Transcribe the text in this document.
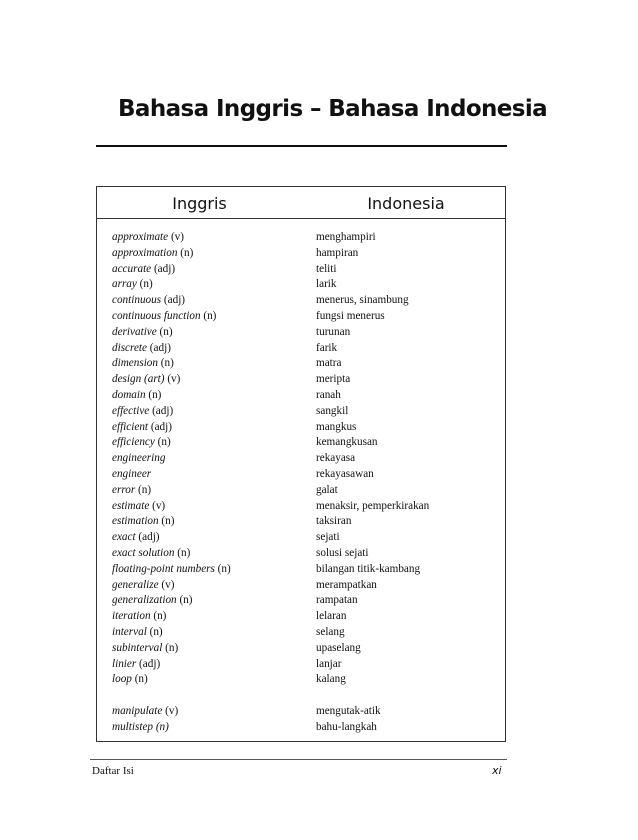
Bahasa Inggris – Bahasa Indonesia
Inggris	Indonesia
approximate (v)
approximation (n)
accurate (adj)
array (n)
continuous (adj)
continuous function (n)
derivative (n)
discrete (adj)
dimension (n)
design (art) (v)
domain (n)
effective (adj)
efficient (adj)
efficiency (n)
engineering
engineer
error (n)
estimate (v)
estimation (n)
exact (adj)
exact solution (n)
floating-point numbers (n)
generalize (v)
generalization (n)
iteration (n)
interval (n)
subinterval (n)
linier (adj)
loop (n)
manipulate (v)
multistep (n)
menghampiri
hampiran
teliti
larik
menerus, sinambung
fungsi menerus
turunan
farik
matra
meripta
ranah
sangkil
mangkus
kemangkusan
rekayasa
rekayasawan
galat
menaksir, pemperkirakan
taksiran
sejati
solusi sejati
bilangan titik-kambang
merampatkan
rampatan
lelaran
selang
upaselang
lanjar
kalang
mengutak-atik
bahu-langkah
Daftar Isi	xi
